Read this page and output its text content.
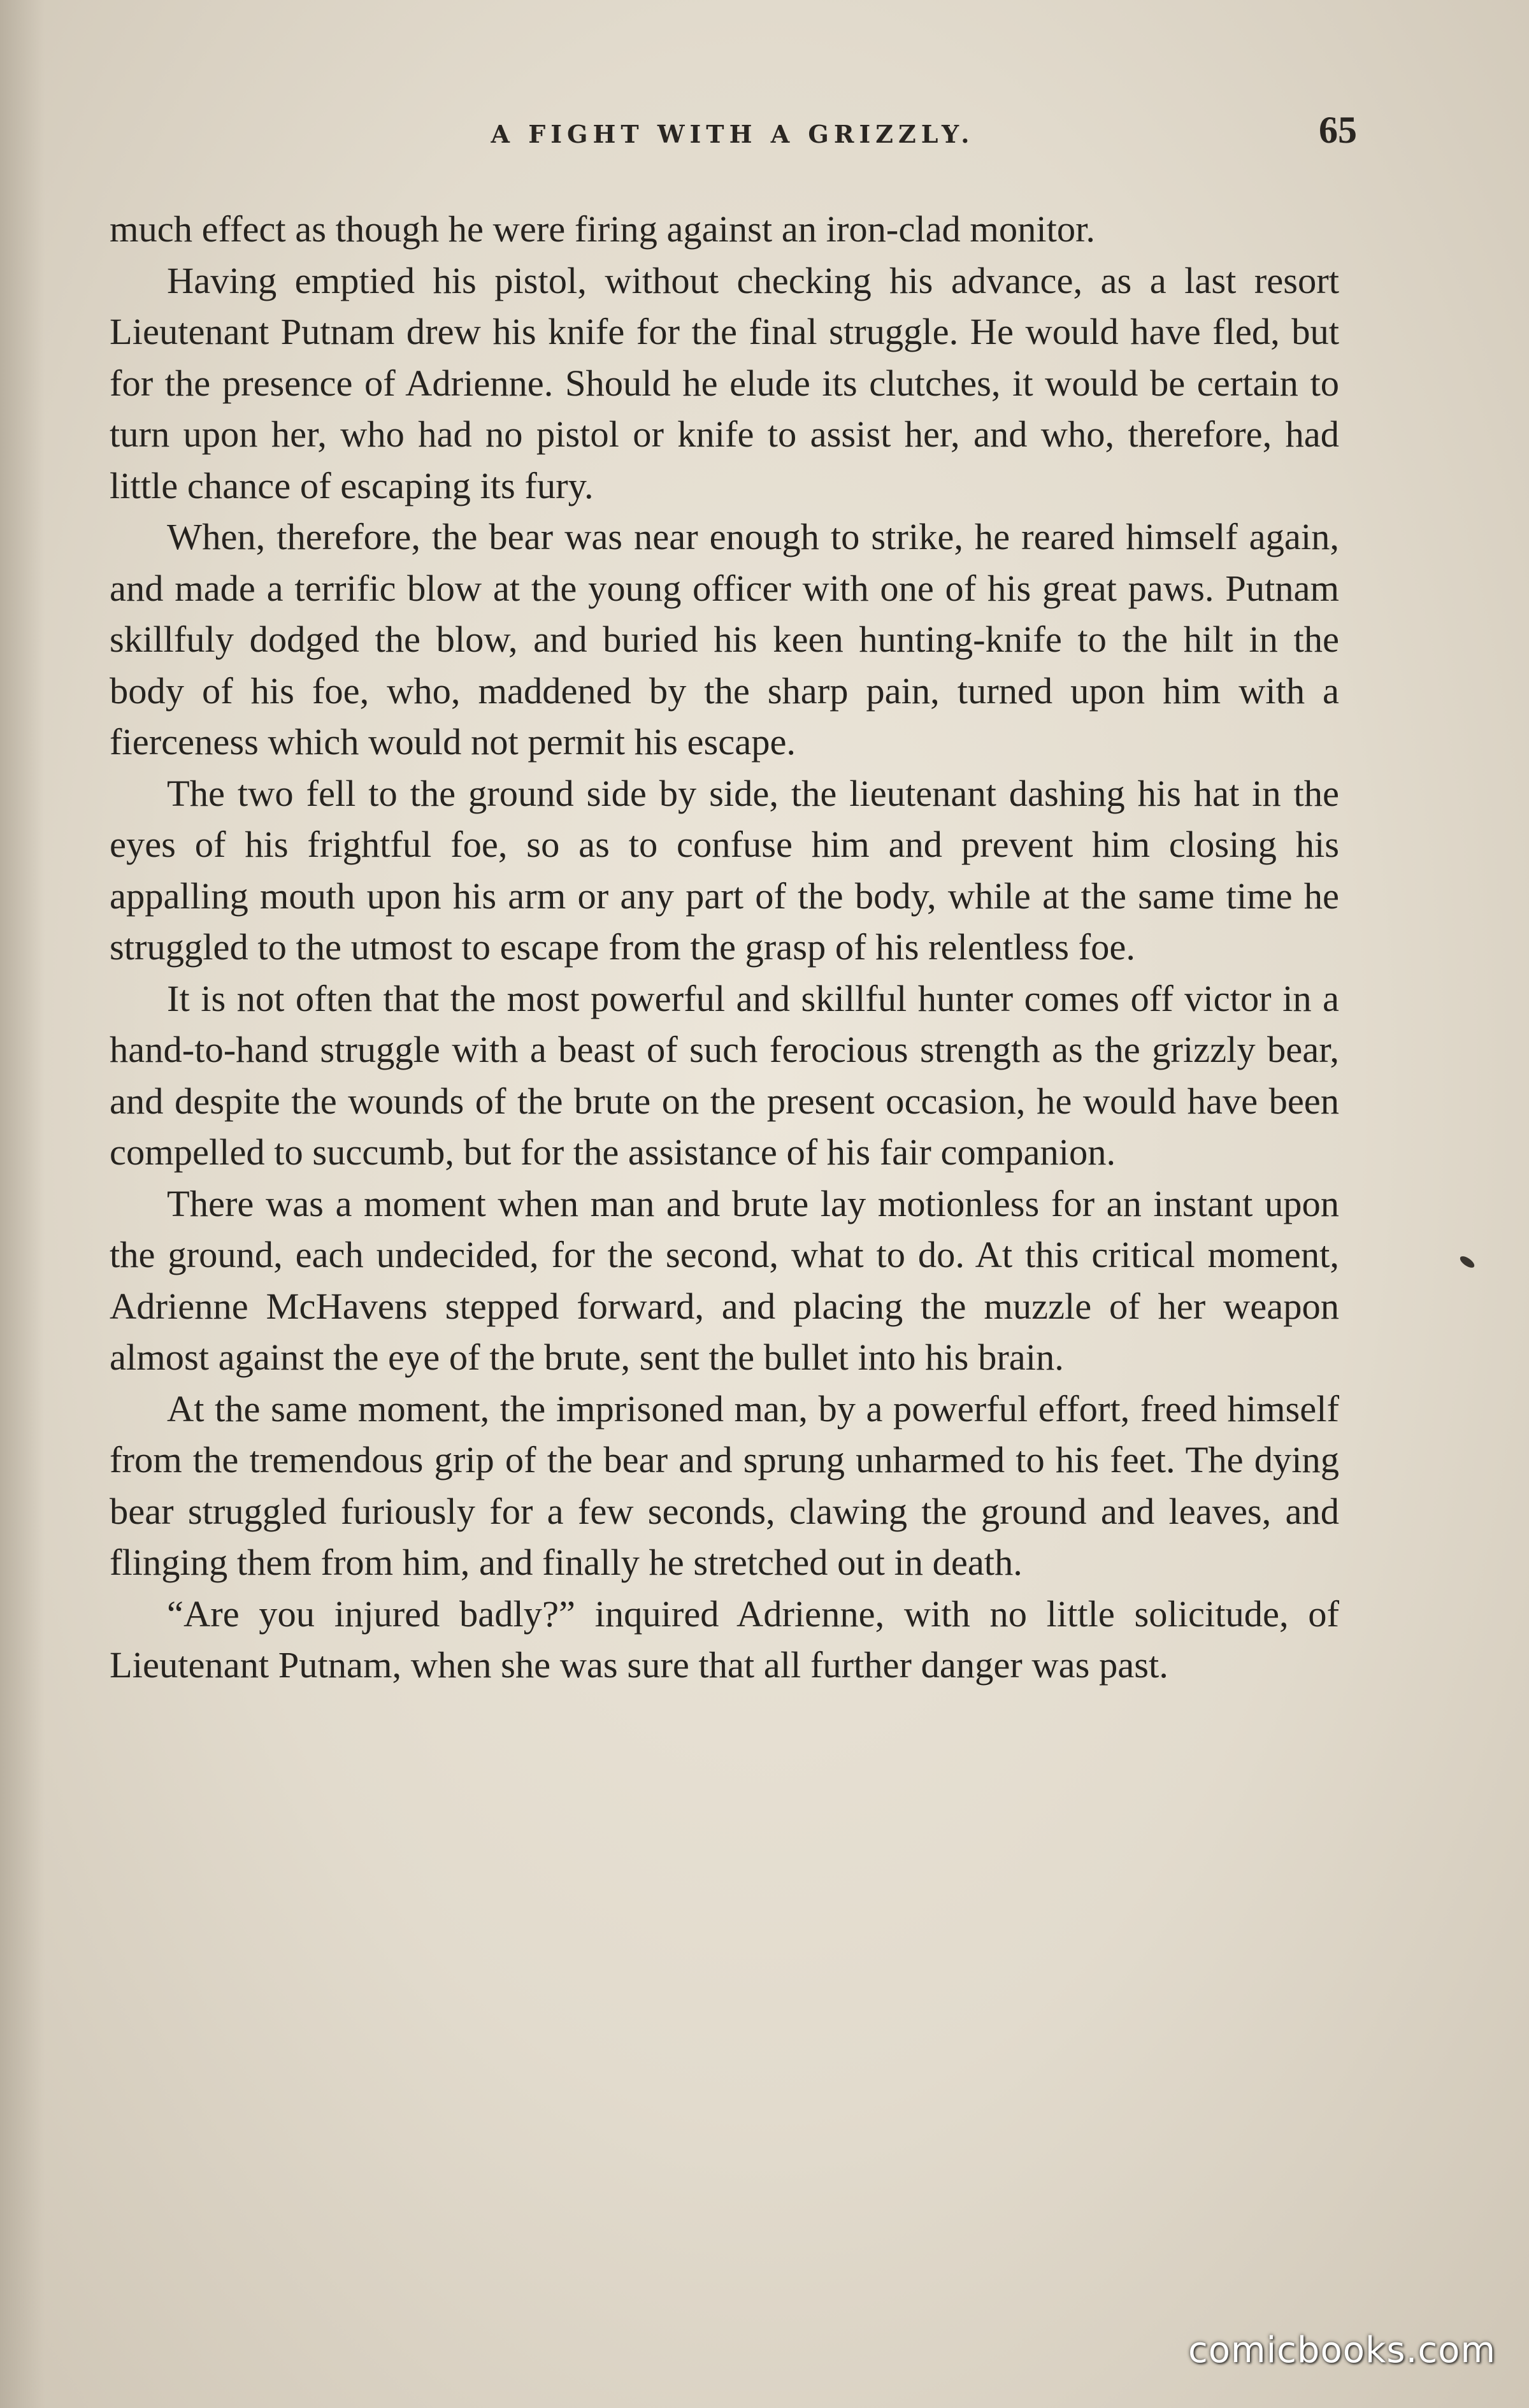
A FIGHT WITH A GRIZZLY.	65

much effect as though he were firing against an iron-clad monitor.

Having emptied his pistol, without checking his advance, as a last resort Lieutenant Putnam drew his knife for the final struggle. He would have fled, but for the presence of Adrienne. Should he elude its clutches, it would be certain to turn upon her, who had no pistol or knife to assist her, and who, therefore, had little chance of escaping its fury.

When, therefore, the bear was near enough to strike, he reared himself again, and made a terrific blow at the young officer with one of his great paws. Putnam skillfuly dodged the blow, and buried his keen hunting-knife to the hilt in the body of his foe, who, maddened by the sharp pain, turned upon him with a fierceness which would not permit his escape.

The two fell to the ground side by side, the lieutenant dashing his hat in the eyes of his frightful foe, so as to confuse him and prevent him closing his appalling mouth upon his arm or any part of the body, while at the same time he struggled to the utmost to escape from the grasp of his relentless foe.

It is not often that the most powerful and skillful hunter comes off victor in a hand-to-hand struggle with a beast of such ferocious strength as the grizzly bear, and despite the wounds of the brute on the present occasion, he would have been compelled to succumb, but for the assistance of his fair companion.

There was a moment when man and brute lay motionless for an instant upon the ground, each undecided, for the second, what to do. At this critical moment, Adrienne McHavens stepped forward, and placing the muzzle of her weapon almost against the eye of the brute, sent the bullet into his brain.

At the same moment, the imprisoned man, by a powerful effort, freed himself from the tremendous grip of the bear and sprung unharmed to his feet. The dying bear struggled furiously for a few seconds, clawing the ground and leaves, and flinging them from him, and finally he stretched out in death.

“Are you injured badly?” inquired Adrienne, with no little solicitude, of Lieutenant Putnam, when she was sure that all further danger was past.

comicbooks.com
